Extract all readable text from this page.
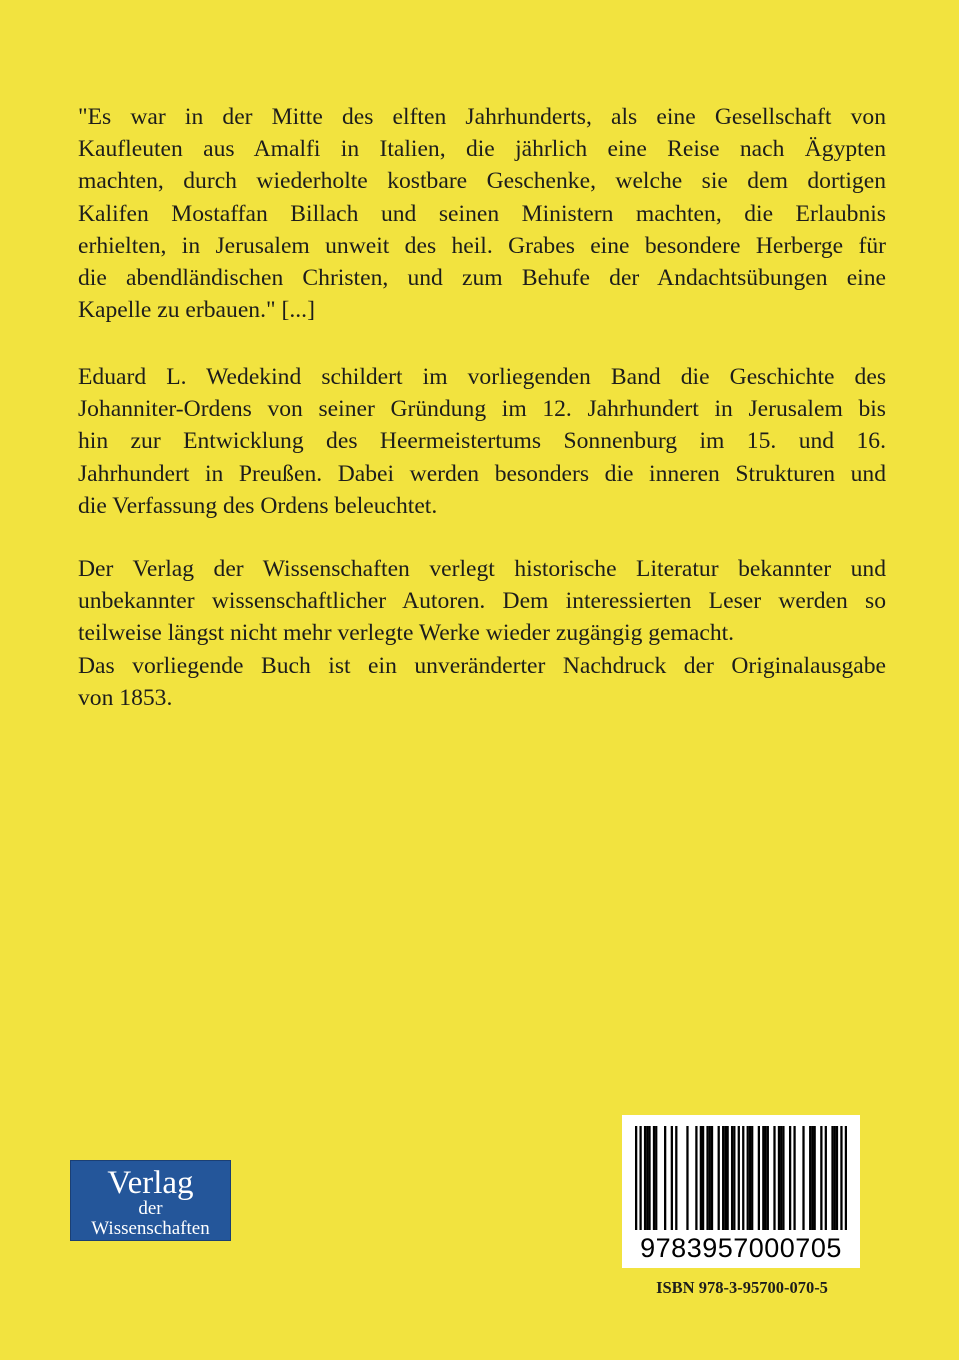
"Es war in der Mitte des elften Jahrhunderts, als eine Gesellschaft von
Kaufleuten aus Amalfi in Italien, die jährlich eine Reise nach Ägypten
machten, durch wiederholte kostbare Geschenke, welche sie dem dortigen
Kalifen Mostaffan Billach und seinen Ministern machten, die Erlaubnis
erhielten, in Jerusalem unweit des heil. Grabes eine besondere Herberge für
die abendländischen Christen, und zum Behufe der Andachtsübungen eine
Kapelle zu erbauen." [...]
Eduard L. Wedekind schildert im vorliegenden Band die Geschichte des
Johanniter-Ordens von seiner Gründung im 12. Jahrhundert in Jerusalem bis
hin zur Entwicklung des Heermeistertums Sonnenburg im 15. und 16.
Jahrhundert in Preußen. Dabei werden besonders die inneren Strukturen und
die Verfassung des Ordens beleuchtet.
Der Verlag der Wissenschaften verlegt historische Literatur bekannter und
unbekannter wissenschaftlicher Autoren. Dem interessierten Leser werden so
teilweise längst nicht mehr verlegte Werke wieder zugängig gemacht.
Das vorliegende Buch ist ein unveränderter Nachdruck der Originalausgabe
von 1853.
Verlag
der
Wissenschaften
9783957000705
ISBN 978-3-95700-070-5
